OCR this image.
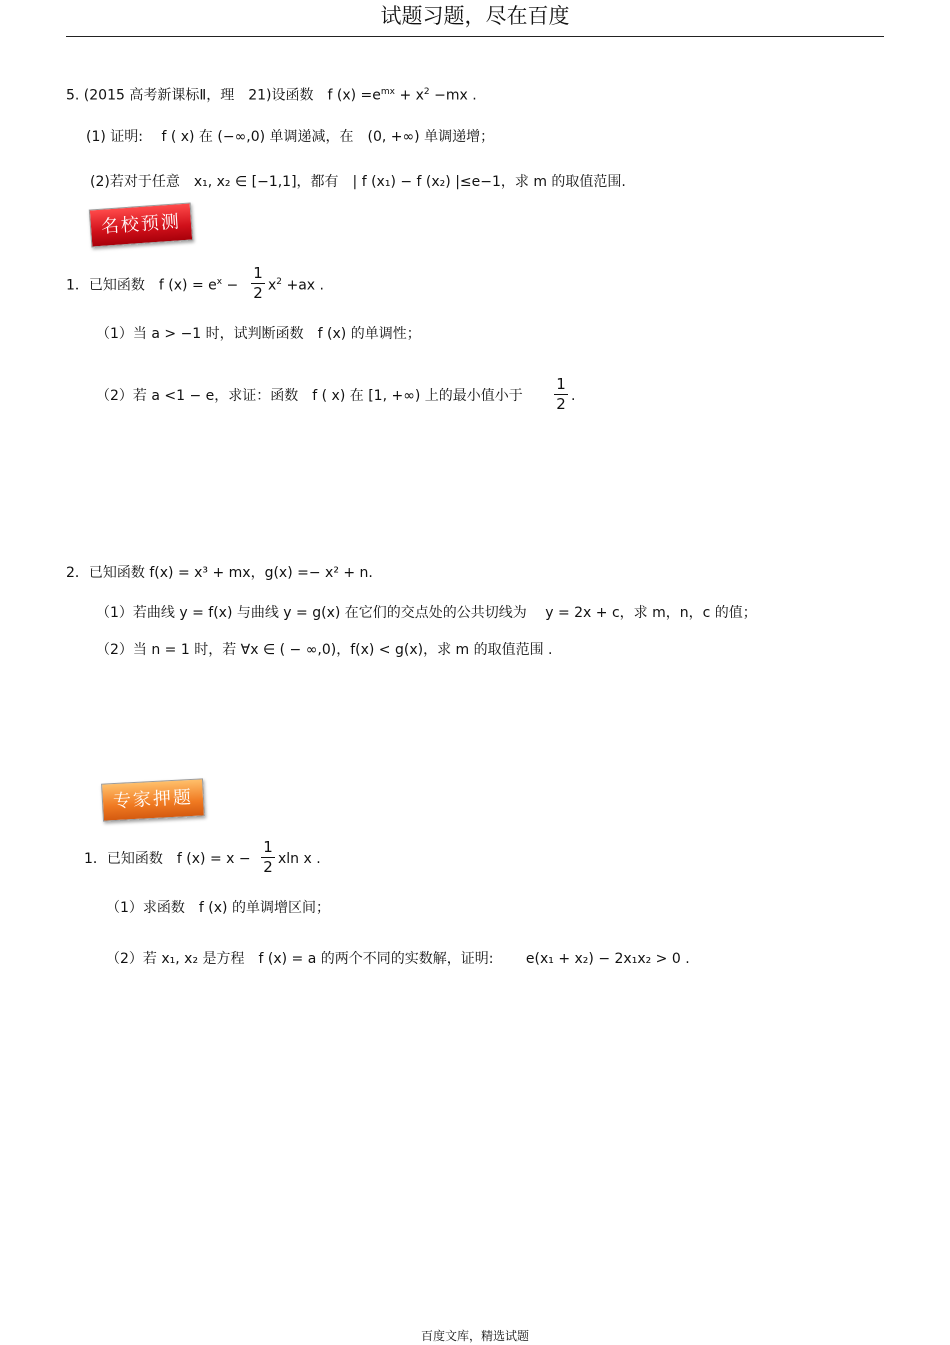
试题习题，尽在百度
5. (2015 高考新课标Ⅱ，理　21)设函数　f $(x) =e^{mx} + x^2 -mx$ .
(1) 证明:　 f ( x) 在 (−∞,0) 单调递减，在　(0, +∞) 单调递增；
(2)若对于任意　x₁, x₂ ∈ [−1,1]，都有　| f (x₁) − f (x₂) |≤e−1，求 m 的取值范围.
名校预测
1．已知函数　f $(x) = e^x$ −
1
2 $x^2 +ax$ .
（1）当 a > −1 时，试判断函数　f (x) 的单调性；
（2）若 a <1 − e，求证：函数　f ( x) 在 [1, +∞) 上的最小值小于
1
2 .
2．已知函数 f(x) = x³ + mx，g(x) =− x² + n.
（1）若曲线 y = f(x) 与曲线 y = g(x) 在它们的交点处的公共切线为　 y = 2x + c，求 m，n，c 的值；
（2）当 n = 1 时，若 ∀x ∈ ( − ∞,0)，f(x) < g(x)，求 m 的取值范围 .
专家押题
1．已知函数　f (x) = x −
1
2 xln x .
（1）求函数　f (x) 的单调增区间；
（2）若 x₁, x₂ 是方程　f (x) = a 的两个不同的实数解，证明:　　 e(x₁ + x₂) − 2x₁x₂ > 0 .
百度文库，精选试题
